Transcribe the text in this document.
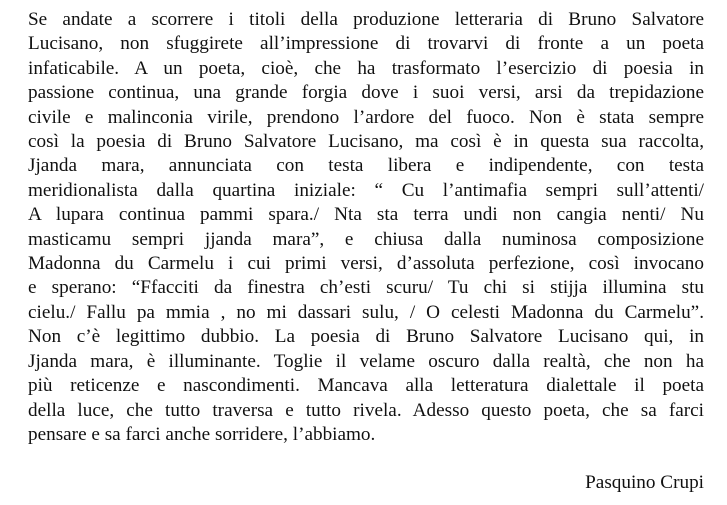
Se andate a scorrere i titoli della produzione letteraria di Bruno Salvatore
Lucisano, non sfuggirete all’impressione di trovarvi di fronte a un poeta
infaticabile. A un poeta, cioè, che ha trasformato l’esercizio di poesia in
passione continua, una grande forgia dove i suoi versi, arsi da trepidazione
civile e malinconia virile, prendono l’ardore del fuoco. Non è stata sempre
così la poesia di Bruno Salvatore Lucisano, ma così è in questa sua raccolta,
Jjanda mara, annunciata con testa libera e indipendente, con testa
meridionalista dalla quartina iniziale: “ Cu l’antimafia sempri sull’attenti/
A lupara continua pammi spara./ Nta sta terra undi non cangia nenti/ Nu
masticamu sempri jjanda mara”, e chiusa dalla numinosa composizione
Madonna du Carmelu i cui primi versi, d’assoluta perfezione, così invocano
e sperano: “Ffacciti da finestra ch’esti scuru/ Tu chi si stijja illumina stu
cielu./ Fallu pa mmia , no mi dassari sulu, / O celesti Madonna du Carmelu”.
Non c’è legittimo dubbio. La poesia di Bruno Salvatore Lucisano qui, in
Jjanda mara, è illuminante. Toglie il velame oscuro dalla realtà, che non ha
più reticenze e nascondimenti. Mancava alla letteratura dialettale il poeta
della luce, che tutto traversa e tutto rivela. Adesso questo poeta, che sa farci
pensare e sa farci anche sorridere, l’abbiamo.

Pasquino Crupi
